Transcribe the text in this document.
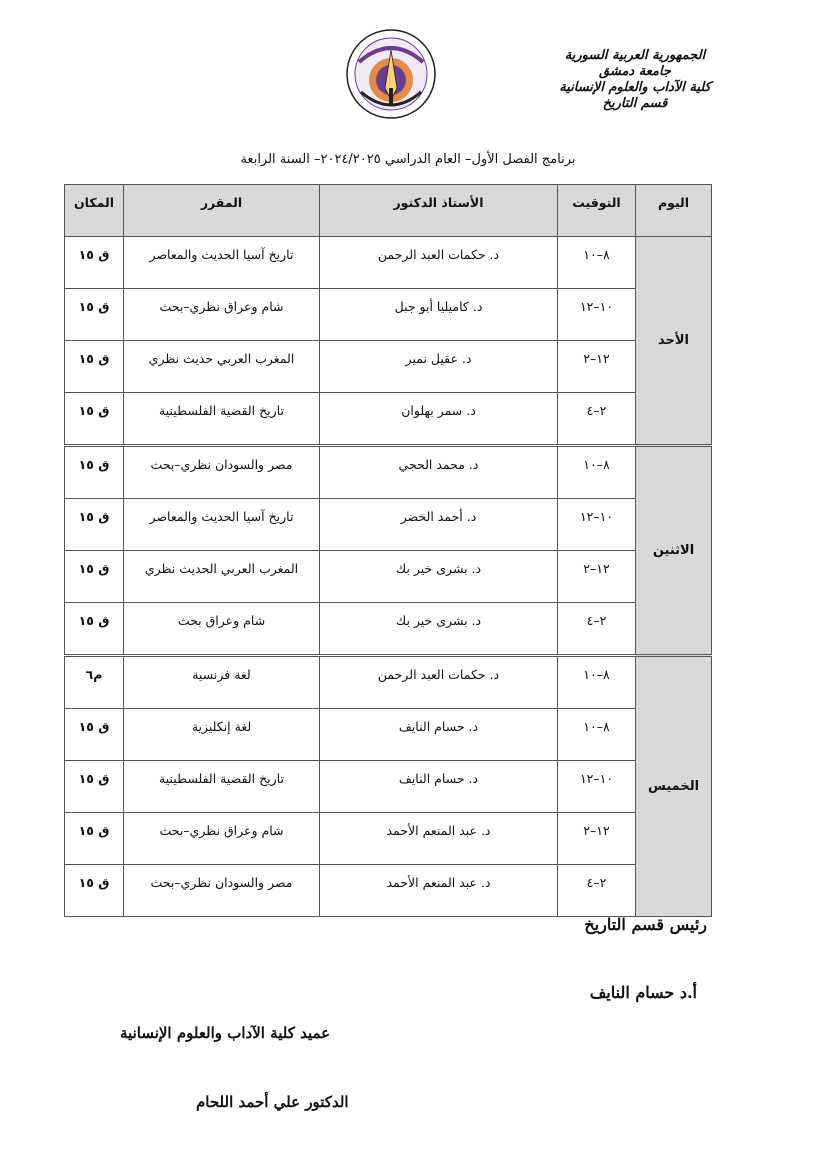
الجمهورية العربية السورية
جامعة دمشق
كلية الآداب والعلوم الإنسانية
قسم التاريخ
برنامج الفصل الأول– العام الدراسي ٢٠٢٤/٢٠٢٥– السنة الرابعة
اليوم	التوقيت	الأستاذ الدكتور	المقرر	المكان
الأحد	٨–١٠	د. حكمات العبد الرحمن	تاريخ آسيا الحديث والمعاصر	ق ١٥
	١٠–١٢	د. كاميليا أبو جبل	شام وعراق نظري–بحث	ق ١٥
	١٢–٢	د. عقيل نمير	المغرب العربي حديث نظري	ق ١٥
	٢–٤	د. سمر بهلوان	تاريخ القضية الفلسطينية	ق ١٥
الاثنين	٨–١٠	د. محمد الحجي	مصر والسودان نظري–بحث	ق ١٥
	١٠–١٢	د. أحمد الخضر	تاريخ آسيا الحديث والمعاصر	ق ١٥
	١٢–٢	د. بشرى خير بك	المغرب العربي الحديث نظري	ق ١٥
	٢–٤	د. بشرى خير بك	شام وعراق بحث	ق ١٥
الخميس	٨–١٠	د. حكمات العبد الرحمن	لغة فرنسية	م٦
	٨–١٠	د. حسام النايف	لغة إنكليزية	ق ١٥
	١٠–١٢	د. حسام النايف	تاريخ القضية الفلسطينية	ق ١٥
	١٢–٢	د. عبد المنعم الأحمد	شام وعراق نظري–بحث	ق ١٥
	٢–٤	د. عبد المنعم الأحمد	مصر والسودان نظري–بحث	ق ١٥
رئيس قسم التاريخ
أ.د حسام النايف
عميد كلية الآداب والعلوم الإنسانية
الدكتور علي أحمد اللحام
